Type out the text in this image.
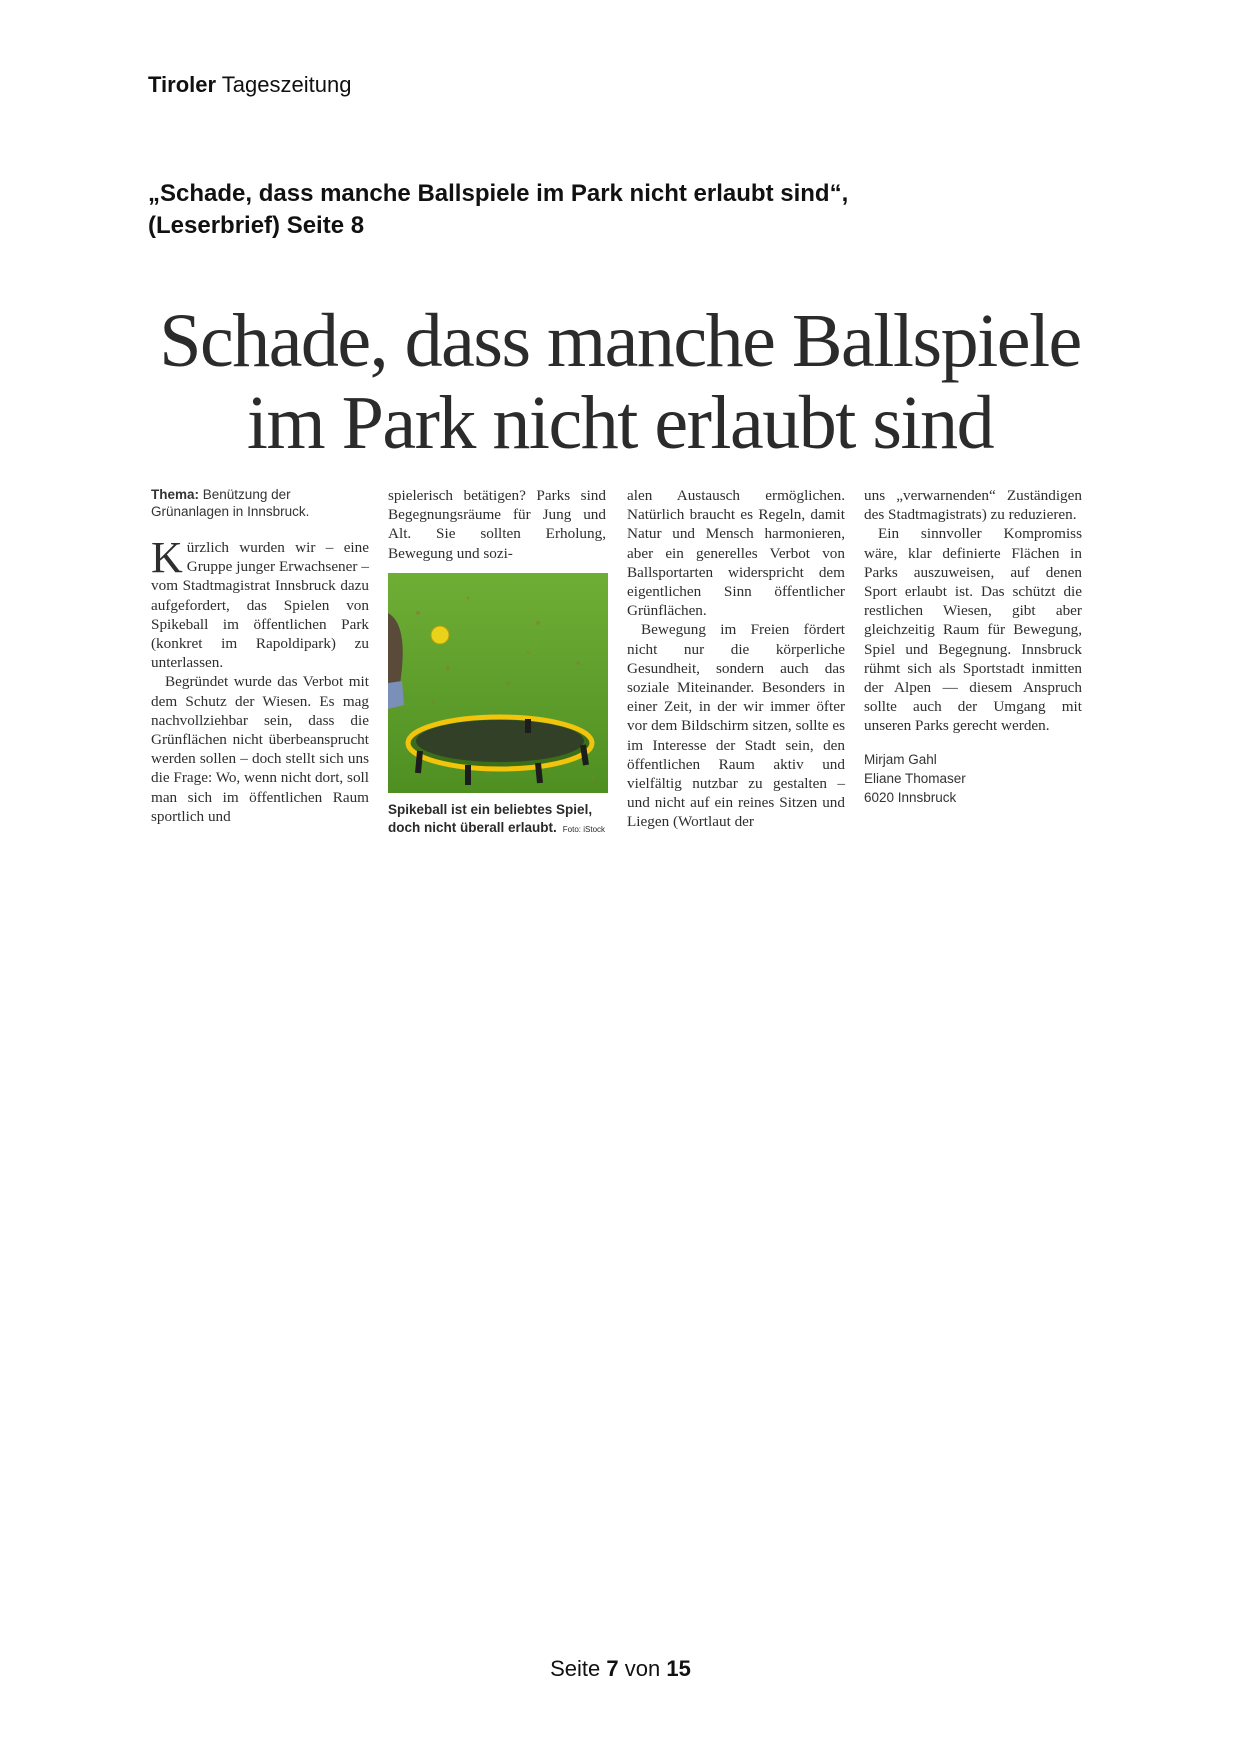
Tiroler Tageszeitung
„Schade, dass manche Ballspiele im Park nicht erlaubt sind“,
(Leserbrief) Seite 8
Schade, dass manche Ballspiele
im Park nicht erlaubt sind
Thema: Benützung der Grünanlagen in Innsbruck.

Kürzlich wurden wir – eine Gruppe junger Erwachsener – vom Stadtmagistrat Innsbruck dazu aufgefordert, das Spielen von Spikeball im öffentlichen Park (konkret im Rapoldipark) zu unterlassen.

Begründet wurde das Verbot mit dem Schutz der Wiesen. Es mag nachvollziehbar sein, dass die Grünflächen nicht überbeansprucht werden sollen – doch stellt sich uns die Frage: Wo, wenn nicht dort, soll man sich im öffentlichen Raum sportlich und

spielerisch betätigen? Parks sind Begegnungsräume für Jung und Alt. Sie sollten Erholung, Bewegung und sozi-

Spikeball ist ein beliebtes Spiel, doch nicht überall erlaubt. Foto: iStock

alen Austausch ermöglichen. Natürlich braucht es Regeln, damit Natur und Mensch harmonieren, aber ein generelles Verbot von Ballsportarten widerspricht dem eigentlichen Sinn öffentlicher Grünflächen.

Bewegung im Freien fördert nicht nur die körperliche Gesundheit, sondern auch das soziale Miteinander. Besonders in einer Zeit, in der wir immer öfter vor dem Bildschirm sitzen, sollte es im Interesse der Stadt sein, den öffentlichen Raum aktiv und vielfältig nutzbar zu gestalten – und nicht auf ein reines Sitzen und Liegen (Wortlaut der

uns „verwarnenden“ Zuständigen des Stadtmagistrats) zu reduzieren.

Ein sinnvoller Kompromiss wäre, klar definierte Flächen in Parks auszuweisen, auf denen Sport erlaubt ist. Das schützt die restlichen Wiesen, gibt aber gleichzeitig Raum für Bewegung, Spiel und Begegnung. Innsbruck rühmt sich als Sportstadt inmitten der Alpen — diesem Anspruch sollte auch der Umgang mit unseren Parks gerecht werden.

Mirjam Gahl
Eliane Thomaser
6020 Innsbruck
Seite 7 von 15
